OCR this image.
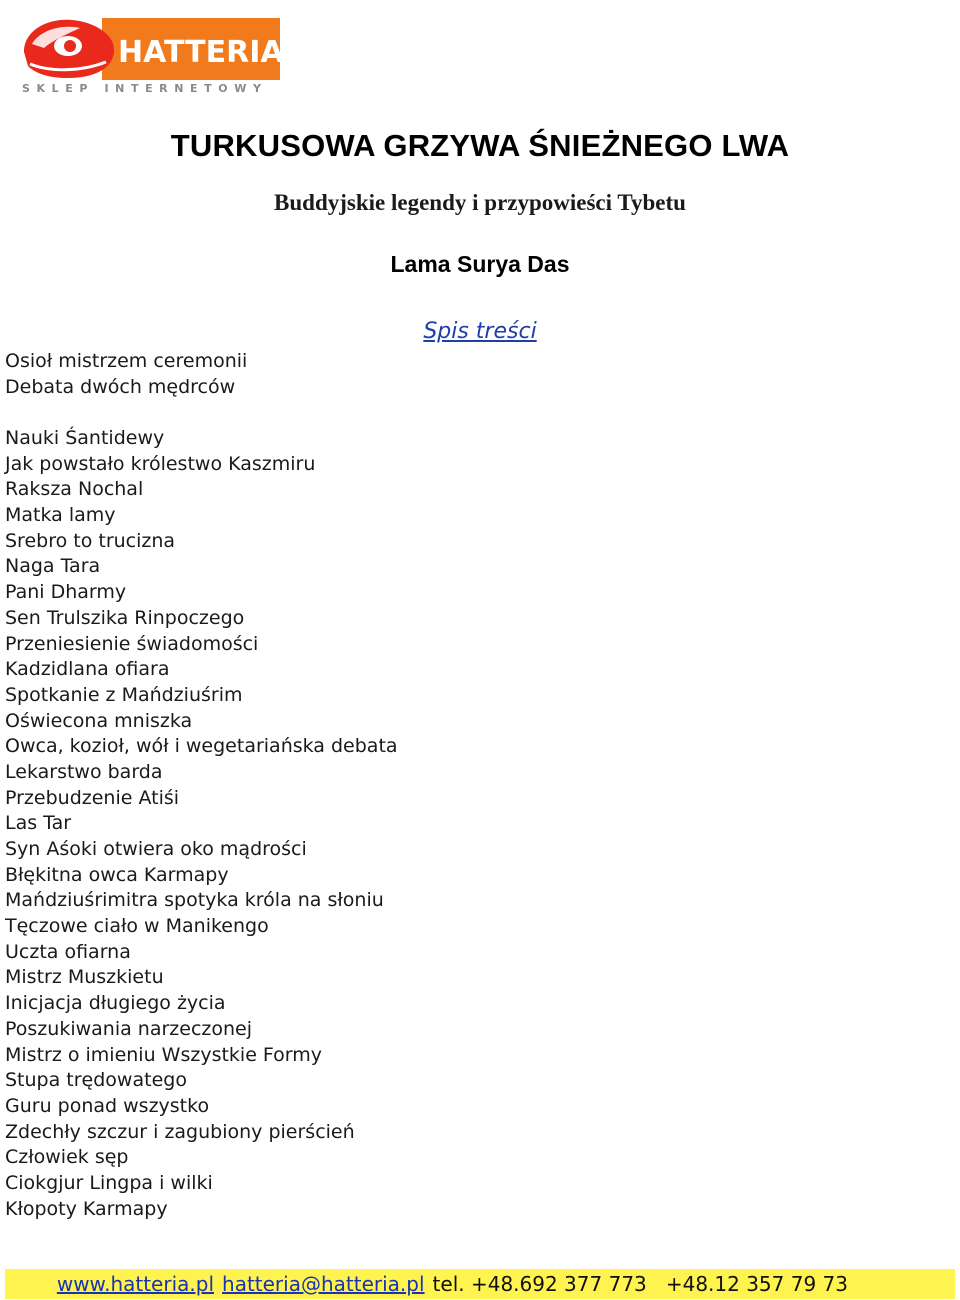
HATTERIA
SKLEP INTERNETOWY
TURKUSOWA GRZYWA ŚNIEŻNEGO LWA
Buddyjskie legendy i przypowieści Tybetu
Lama Surya Das
Spis treści
Osioł mistrzem ceremonii
Debata dwóch mędrców
Nauki Śantidewy
Jak powstało królestwo Kaszmiru
Raksza Nochal
Matka lamy
Srebro to trucizna
Naga Tara
Pani Dharmy
Sen Trulszika Rinpoczego
Przeniesienie świadomości
Kadzidlana ofiara
Spotkanie z Mańdziuśrim
Oświecona mniszka
Owca, kozioł, wół i wegetariańska debata
Lekarstwo barda
Przebudzenie Atiśi
Las Tar
Syn Aśoki otwiera oko mądrości
Błękitna owca Karmapy
Mańdziuśrimitra spotyka króla na słoniu
Tęczowe ciało w Manikengo
Uczta ofiarna
Mistrz Muszkietu
Inicjacja długiego życia
Poszukiwania narzeczonej
Mistrz o imieniu Wszystkie Formy
Stupa trędowatego
Guru ponad wszystko
Zdechły szczur i zagubiony pierścień
Człowiek sęp
Ciokgjur Lingpa i wilki
Kłopoty Karmapy
www.hatteria.pl hatteria@hatteria.pl tel. +48.692 377 773   +48.12 357 79 73
